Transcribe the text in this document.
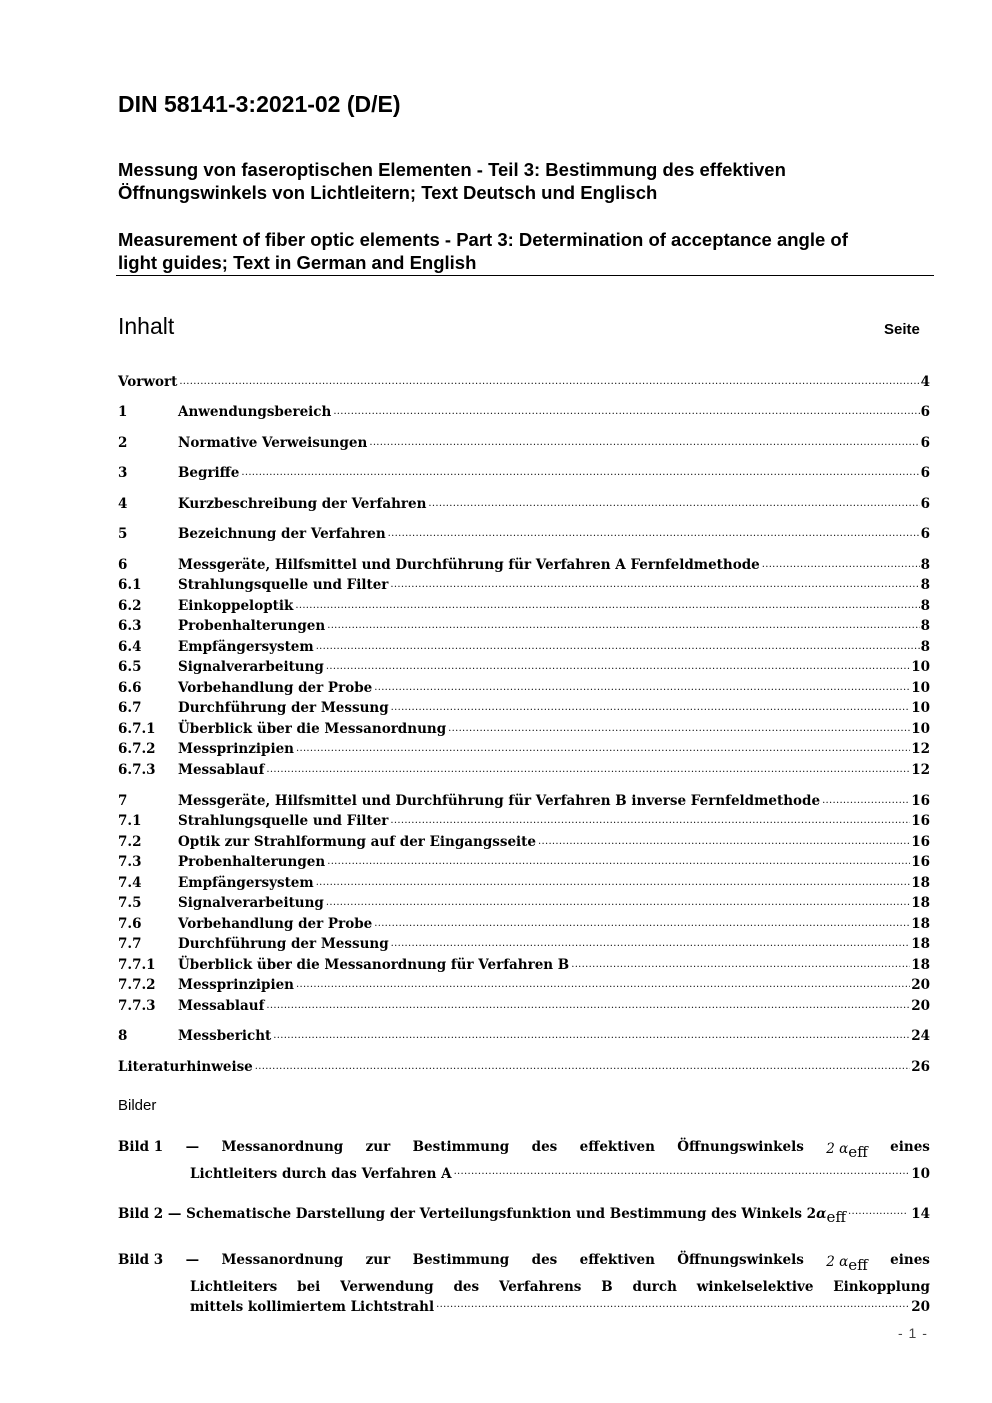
DIN 58141-3:2021-02 (D/E)
Messung von faseroptischen Elementen - Teil 3: Bestimmung des effektiven
Öffnungswinkels von Lichtleitern; Text Deutsch und Englisch
Measurement of fiber optic elements - Part 3: Determination of acceptance angle of
light guides; Text in German and English
Inhalt	Seite
Vorwort .....	4
1	Anwendungsbereich .....	6
2	Normative Verweisungen .....	6
3	Begriffe .....	6
4	Kurzbeschreibung der Verfahren .....	6
5	Bezeichnung der Verfahren .....	6
6	Messgeräte, Hilfsmittel und Durchführung für Verfahren A Fernfeldmethode .....	8
6.1	Strahlungsquelle und Filter .....	8
6.2	Einkoppeloptik .....	8
6.3	Probenhalterungen .....	8
6.4	Empfängersystem .....	8
6.5	Signalverarbeitung .....	10
6.6	Vorbehandlung der Probe .....	10
6.7	Durchführung der Messung .....	10
6.7.1	Überblick über die Messanordnung .....	10
6.7.2	Messprinzipien .....	12
6.7.3	Messablauf .....	12
7	Messgeräte, Hilfsmittel und Durchführung für Verfahren B inverse Fernfeldmethode .....	16
7.1	Strahlungsquelle und Filter .....	16
7.2	Optik zur Strahlformung auf der Eingangsseite .....	16
7.3	Probenhalterungen .....	16
7.4	Empfängersystem .....	18
7.5	Signalverarbeitung .....	18
7.6	Vorbehandlung der Probe .....	18
7.7	Durchführung der Messung .....	18
7.7.1	Überblick über die Messanordnung für Verfahren B .....	18
7.7.2	Messprinzipien .....	20
7.7.3	Messablauf .....	20
8	Messbericht .....	24
Literaturhinweise .....	26
Bilder
Bild 1 — Messanordnung zur Bestimmung des effektiven Öffnungswinkels 2 αeff eines
Lichtleiters durch das Verfahren A .....	10
Bild 2 — Schematische Darstellung der Verteilungsfunktion und Bestimmung des Winkels 2 αeff .....	14
Bild 3 — Messanordnung zur Bestimmung des effektiven Öffnungswinkels 2 αeff eines
Lichtleiters bei Verwendung des Verfahrens B durch winkelselektive Einkopplung
mittels kollimiertem Lichtstrahl .....	20
- 1 -
